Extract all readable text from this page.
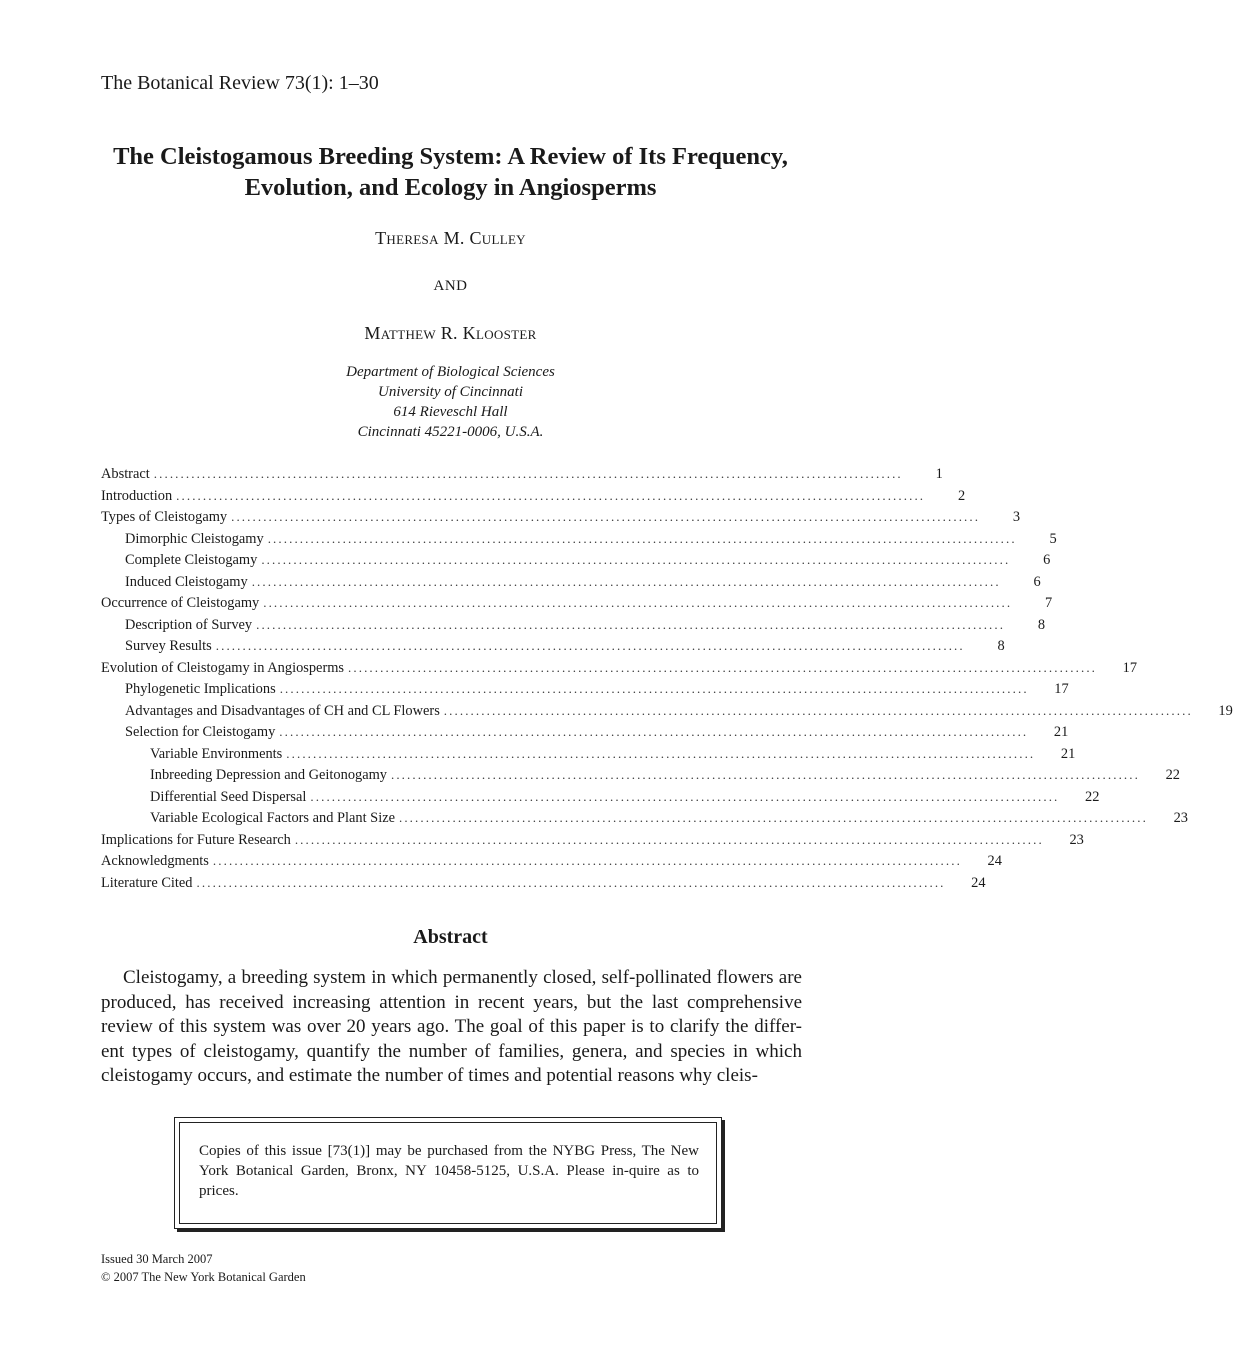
The Botanical Review 73(1): 1–30
The Cleistogamous Breeding System: A Review of Its Frequency,
Evolution, and Ecology in Angiosperms
Theresa M. Culley
AND
Matthew R. Klooster
Department of Biological Sciences
University of Cincinnati
614 Rieveschl Hall
Cincinnati 45221-0006, U.S.A.
Abstract ............................................................................................................................................	1
Introduction ............................................................................................................................................	2
Types of Cleistogamy ............................................................................................................................................	3
Dimorphic Cleistogamy ............................................................................................................................................	5
Complete Cleistogamy ............................................................................................................................................	6
Induced Cleistogamy ............................................................................................................................................	6
Occurrence of Cleistogamy ............................................................................................................................................	7
Description of Survey ............................................................................................................................................	8
Survey Results ............................................................................................................................................	8
Evolution of Cleistogamy in Angiosperms ............................................................................................................................................	17
Phylogenetic Implications ............................................................................................................................................	17
Advantages and Disadvantages of CH and CL Flowers ............................................................................................................................................	19
Selection for Cleistogamy ............................................................................................................................................	21
Variable Environments ............................................................................................................................................	21
Inbreeding Depression and Geitonogamy ............................................................................................................................................	22
Differential Seed Dispersal ............................................................................................................................................	22
Variable Ecological Factors and Plant Size ............................................................................................................................................	23
Implications for Future Research ............................................................................................................................................	23
Acknowledgments ............................................................................................................................................	24
Literature Cited ............................................................................................................................................	24
Abstract
Cleistogamy, a breeding system in which permanently closed, self-pollinated flowers are produced, has received increasing attention in recent years, but the last comprehensive review of this system was over 20 years ago. The goal of this paper is to clarify the differ-ent types of cleistogamy, quantify the number of families, genera, and species in which cleistogamy occurs, and estimate the number of times and potential reasons why cleis-
Copies of this issue [73(1)] may be purchased from the NYBG Press, The New York Botanical Garden, Bronx, NY 10458-5125, U.S.A. Please in-quire as to prices.
Issued 30 March 2007
© 2007 The New York Botanical Garden
